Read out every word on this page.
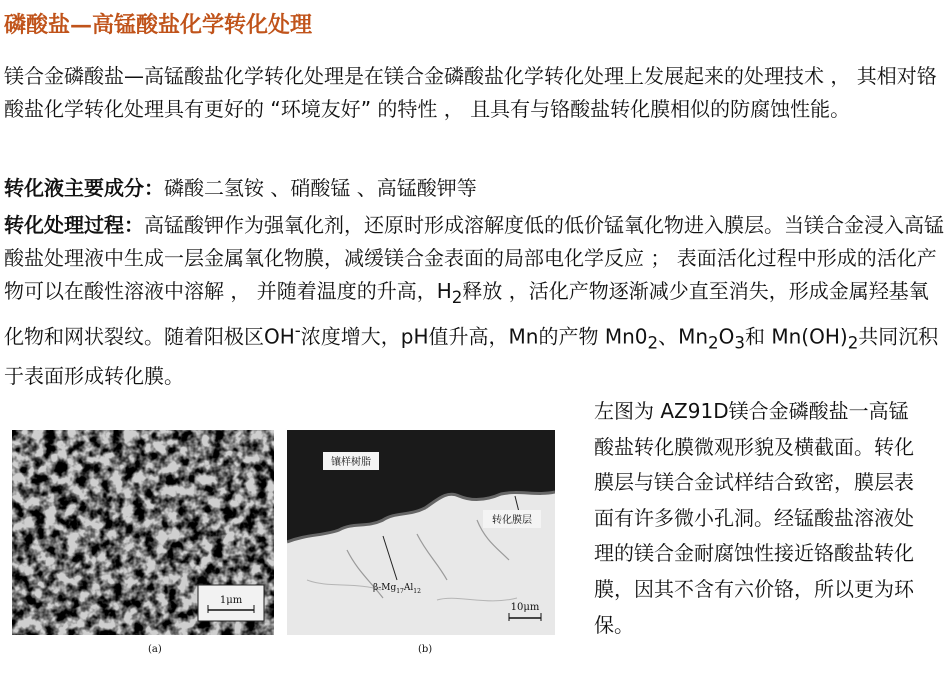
磷酸盐—高锰酸盐化学转化处理

镁合金磷酸盐—高锰酸盐化学转化处理是在镁合金磷酸盐化学转化处理上发展起来的处理技术 ， 其相对铬酸盐化学转化处理具有更好的 “环境友好” 的特性 ， 且具有与铬酸盐转化膜相似的防腐蚀性能。

转化液主要成分：磷酸二氢铵 、硝酸锰 、高锰酸钾等

转化处理过程：高锰酸钾作为强氧化剂，还原时形成溶解度低的低价锰氧化物进入膜层。当镁合金浸入高锰酸盐处理液中生成一层金属氧化物膜，减缓镁合金表面的局部电化学反应 ； 表面活化过程中形成的活化产物可以在酸性溶液中溶解 ， 并随着温度的升高，$H_2$释放 ，活化产物逐渐减少直至消失，形成金属羟基氧化物和网状裂纹。随着阳极区OH-浓度增大，pH值升高，Mn的产物 $Mn0_2$、$Mn_2O_3$和 $Mn(OH)_2$共同沉积于表面形成转化膜。

左图为 AZ91D镁合金磷酸盐一高锰酸盐转化膜微观形貌及横截面。转化膜层与镁合金试样结合致密，膜层表面有许多微小孔洞。经锰酸盐溶液处理的镁合金耐腐蚀性接近铬酸盐转化膜，因其不含有六价铬，所以更为环保。

1μm
(a)
镶样树脂
转化膜层
$\beta-Mg_{17}Al_{12}$
10μm
(b)
